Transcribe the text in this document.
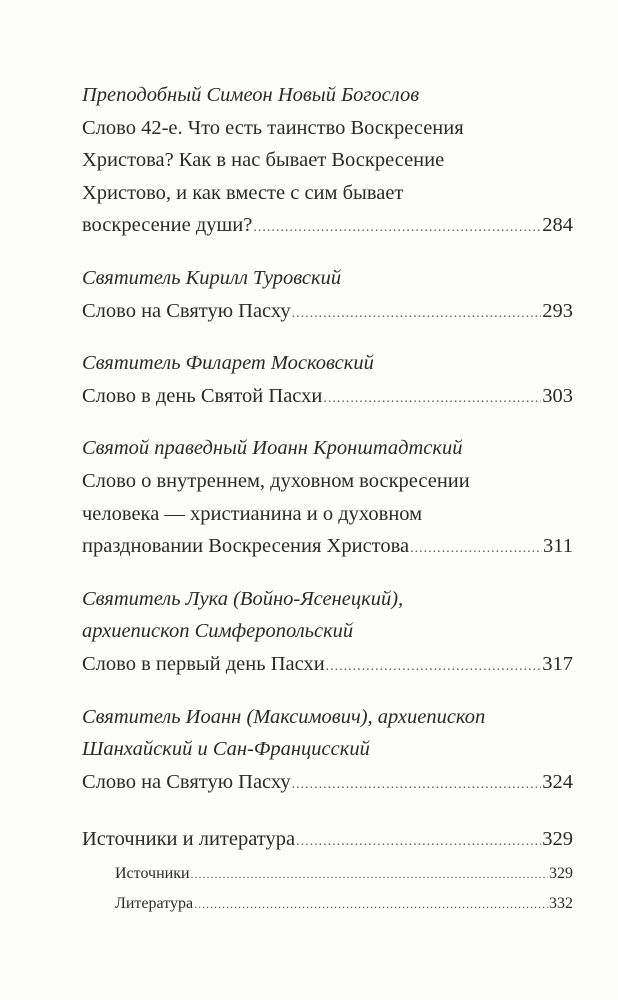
Преподобный Симеон Новый Богослов
Слово 42-е. Что есть таинство Воскресения
Христова? Как в нас бывает Воскресение
Христово, и как вместе с сим бывает
воскресение души? .....	284
Святитель Кирилл Туровский
Слово на Святую Пасху .....	293
Святитель Филарет Московский
Слово в день Святой Пасхи .....	303
Святой праведный Иоанн Кронштадтский
Слово о внутреннем, духовном воскресении
человека — христианина и о духовном
праздновании Воскресения Христова .....	311
Святитель Лука (Войно-Ясенецкий),
архиепископ Симферопольский
Слово в первый день Пасхи .....	317
Святитель Иоанн (Максимович), архиепископ
Шанхайский и Сан-Францисский
Слово на Святую Пасху .....	324
Источники и литература .....	329
Источники .....	329
Литература .....	332
